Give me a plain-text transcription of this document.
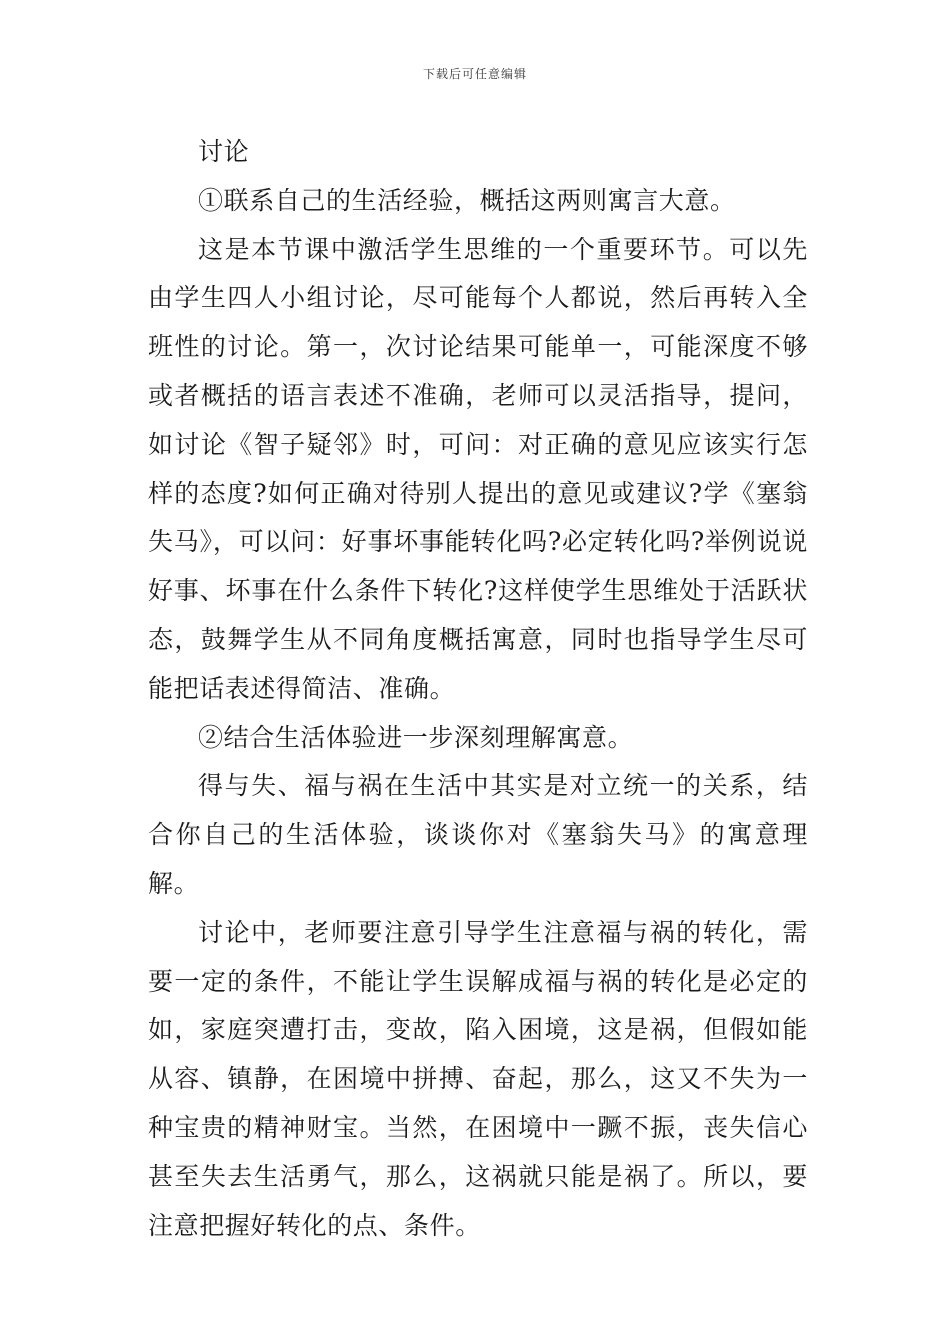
下载后可任意编辑

讨论

①联系自己的生活经验，概括这两则寓言大意。

这是本节课中激活学生思维的一个重要环节。可以先由学生四人小组讨论，尽可能每个人都说，然后再转入全班性的讨论。第一，次讨论结果可能单一，可能深度不够或者概括的语言表述不准确，老师可以灵活指导，提问，如讨论《智子疑邻》时，可问：对正确的意见应该实行怎样的态度?如何正确对待别人提出的意见或建议?学《塞翁失马》，可以问：好事坏事能转化吗?必定转化吗?举例说说好事、坏事在什么条件下转化?这样使学生思维处于活跃状态，鼓舞学生从不同角度概括寓意，同时也指导学生尽可能把话表述得简洁、准确。

②结合生活体验进一步深刻理解寓意。

得与失、福与祸在生活中其实是对立统一的关系，结合你自己的生活体验，谈谈你对《塞翁失马》的寓意理解。

讨论中，老师要注意引导学生注意福与祸的转化，需要一定的条件，不能让学生误解成福与祸的转化是必定的如，家庭突遭打击，变故，陷入困境，这是祸，但假如能从容、镇静，在困境中拼搏、奋起，那么，这又不失为一种宝贵的精神财宝。当然，在困境中一蹶不振，丧失信心甚至失去生活勇气，那么，这祸就只能是祸了。所以，要注意把握好转化的点、条件。
